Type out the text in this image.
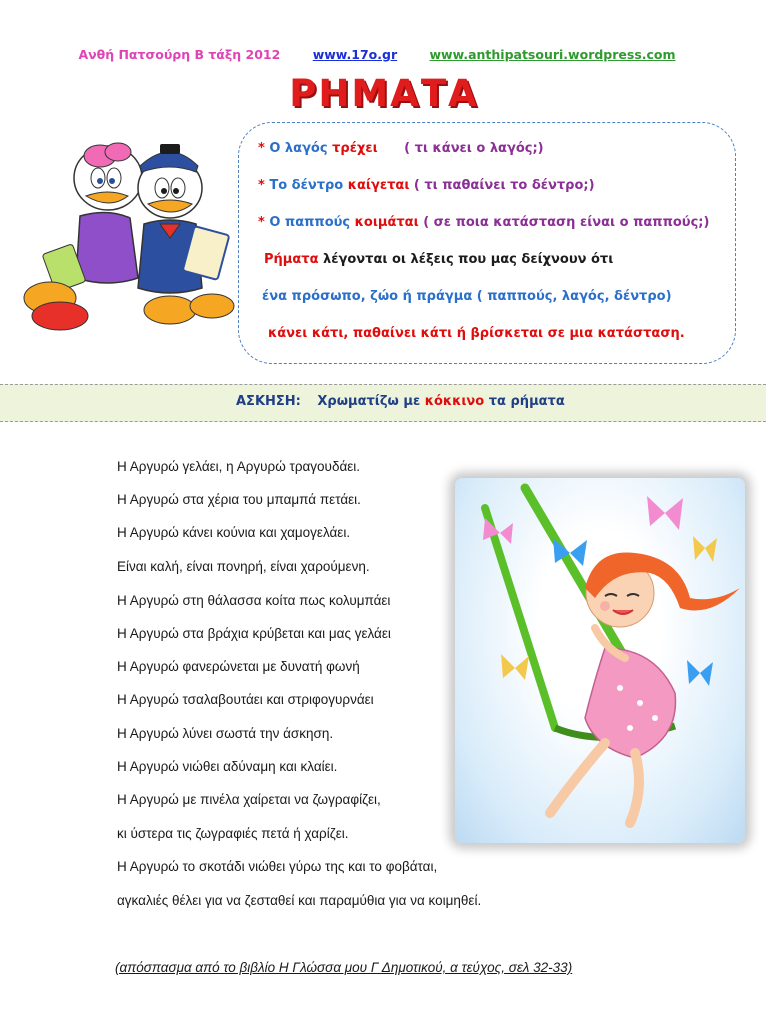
Ανθή Πατσούρη Β τάξη 2012	www.17o.gr	www.anthipatsouri.wordpress.com
ΡΗΜΑΤΑ
* Ο λαγός τρέχει ( τι κάνει ο λαγός;)
* Το δέντρο καίγεται ( τι παθαίνει το δέντρο;)
* Ο παππούς κοιμάται ( σε ποια κατάσταση είναι ο παππούς;)
Ρήματα λέγονται οι λέξεις που μας δείχνουν ότι
ένα πρόσωπο, ζώο ή πράγμα ( παππούς, λαγός, δέντρο)
κάνει κάτι, παθαίνει κάτι ή βρίσκεται σε μια κατάσταση.
ΑΣΚΗΣΗ: Χρωματίζω με κόκκινο τα ρήματα
Η Αργυρώ γελάει, η Αργυρώ τραγουδάει.
Η Αργυρώ στα χέρια του μπαμπά πετάει.
Η Αργυρώ κάνει κούνια και χαμογελάει.
Είναι καλή, είναι πονηρή, είναι χαρούμενη.
Η Αργυρώ στη θάλασσα κοίτα πως κολυμπάει
Η Αργυρώ στα βράχια κρύβεται και μας γελάει
Η Αργυρώ φανερώνεται με δυνατή φωνή
Η Αργυρώ τσαλαβουτάει και στριφογυρνάει
Η Αργυρώ λύνει σωστά την άσκηση.
Η Αργυρώ νιώθει αδύναμη και κλαίει.
Η Αργυρώ με πινέλα χαίρεται να ζωγραφίζει,
κι ύστερα τις ζωγραφιές πετά ή χαρίζει.
Η Αργυρώ το σκοτάδι νιώθει γύρω της και το φοβάται,
αγκαλιές θέλει για να ζεσταθεί και παραμύθια για να κοιμηθεί.
(απόσπασμα από το βιβλίο Η Γλώσσα μου Γ Δημοτικού, α τεύχος, σελ 32-33)
